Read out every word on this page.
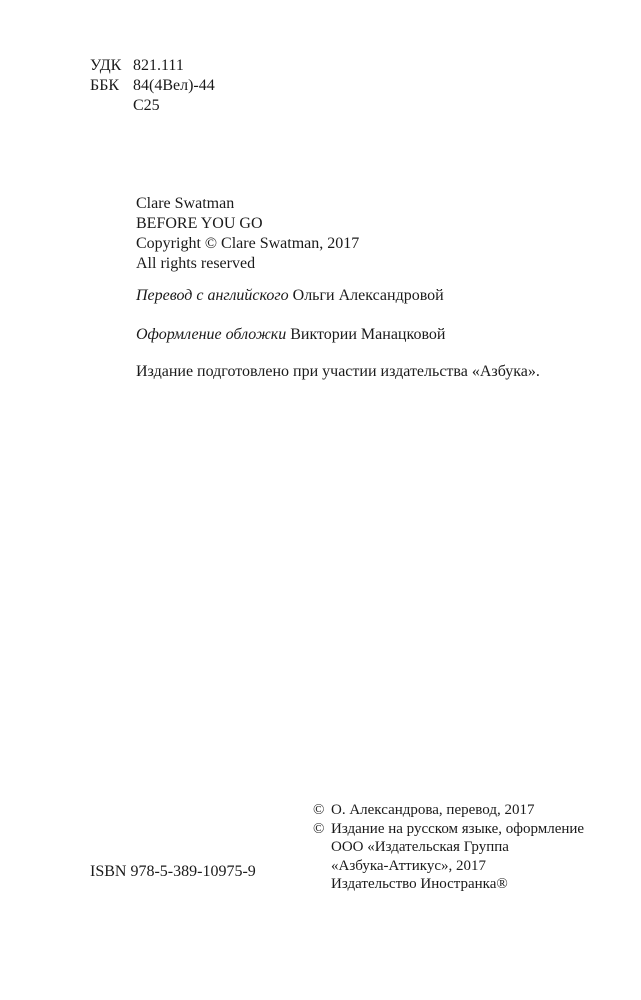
УДК 821.111
ББК 84(4Вел)-44
С25
Clare Swatman
BEFORE YOU GO
Copyright © Clare Swatman, 2017
All rights reserved
Перевод с английского Ольги Александровой
Оформление обложки Виктории Манацковой
Издание подготовлено при участии издательства «Азбука».
© О. Александрова, перевод, 2017
© Издание на русском языке, оформление
ООО «Издательская Группа
«Азбука-Аттикус», 2017
Издательство Иностранка®
ISBN 978-5-389-10975-9
